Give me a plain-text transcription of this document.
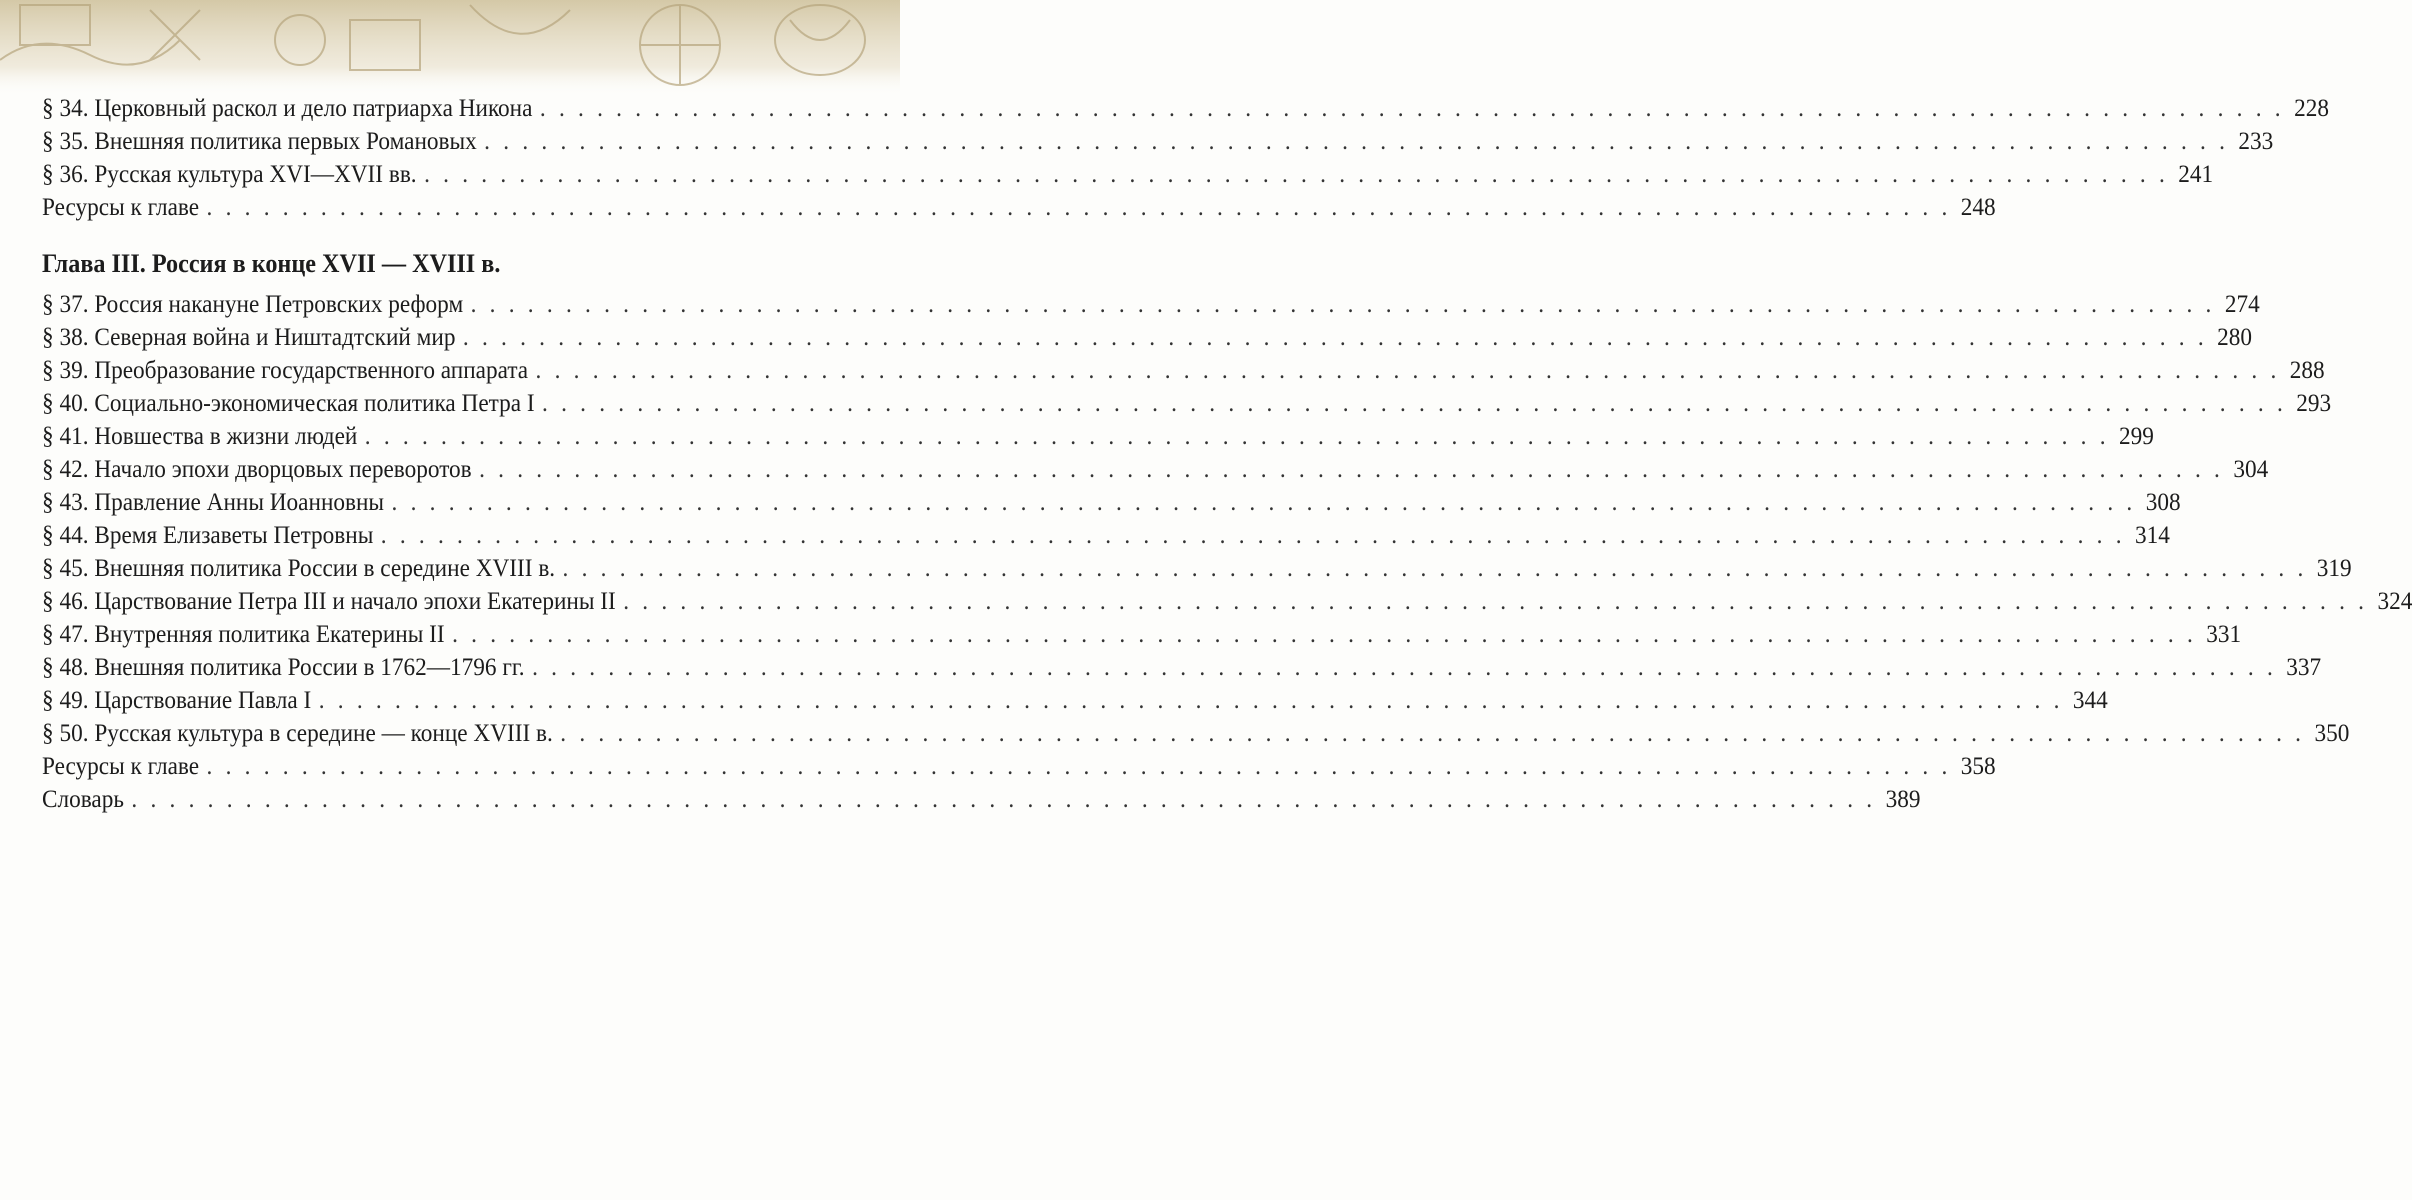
§ 34. Церковный раскол и дело патриарха Никона . . . . . . . . . . . . . . . . . . . . . . . . . . . . . . . . . . . . . . . . . . . . . . . . . . . . . . . . . . . . . . . . . . . . . . . . . . . . . . . . . . . . . . . . . . . . 228
§ 35. Внешняя политика первых Романовых . . . . . . . . . . . . . . . . . . . . . . . . . . . . . . . . . . . . . . . . . . . . . . . . . . . . . . . . . . . . . . . . . . . . . . . . . . . . . . . . . . . . . . . . . . . . 233
§ 36. Русская культура XVI—XVII вв. . . . . . . . . . . . . . . . . . . . . . . . . . . . . . . . . . . . . . . . . . . . . . . . . . . . . . . . . . . . . . . . . . . . . . . . . . . . . . . . . . . . . . . . . . . . . 241
Ресурсы к главе . . . . . . . . . . . . . . . . . . . . . . . . . . . . . . . . . . . . . . . . . . . . . . . . . . . . . . . . . . . . . . . . . . . . . . . . . . . . . . . . . . . . . . . . . . . . 248
Глава III. Россия в конце XVII — XVIII в.
§ 37. Россия накануне Петровских реформ . . . . . . . . . . . . . . . . . . . . . . . . . . . . . . . . . . . . . . . . . . . . . . . . . . . . . . . . . . . . . . . . . . . . . . . . . . . . . . . . . . . . . . . . . . . . 274
§ 38. Северная война и Ништадтский мир . . . . . . . . . . . . . . . . . . . . . . . . . . . . . . . . . . . . . . . . . . . . . . . . . . . . . . . . . . . . . . . . . . . . . . . . . . . . . . . . . . . . . . . . . . . . 280
§ 39. Преобразование государственного аппарата . . . . . . . . . . . . . . . . . . . . . . . . . . . . . . . . . . . . . . . . . . . . . . . . . . . . . . . . . . . . . . . . . . . . . . . . . . . . . . . . . . . . . . . . . . . . 288
§ 40. Социально-экономическая политика Петра I . . . . . . . . . . . . . . . . . . . . . . . . . . . . . . . . . . . . . . . . . . . . . . . . . . . . . . . . . . . . . . . . . . . . . . . . . . . . . . . . . . . . . . . . . . . . 293
§ 41. Новшества в жизни людей . . . . . . . . . . . . . . . . . . . . . . . . . . . . . . . . . . . . . . . . . . . . . . . . . . . . . . . . . . . . . . . . . . . . . . . . . . . . . . . . . . . . . . . . . . . . 299
§ 42. Начало эпохи дворцовых переворотов . . . . . . . . . . . . . . . . . . . . . . . . . . . . . . . . . . . . . . . . . . . . . . . . . . . . . . . . . . . . . . . . . . . . . . . . . . . . . . . . . . . . . . . . . . . . 304
§ 43. Правление Анны Иоанновны . . . . . . . . . . . . . . . . . . . . . . . . . . . . . . . . . . . . . . . . . . . . . . . . . . . . . . . . . . . . . . . . . . . . . . . . . . . . . . . . . . . . . . . . . . . . 308
§ 44. Время Елизаветы Петровны . . . . . . . . . . . . . . . . . . . . . . . . . . . . . . . . . . . . . . . . . . . . . . . . . . . . . . . . . . . . . . . . . . . . . . . . . . . . . . . . . . . . . . . . . . . . 314
§ 45. Внешняя политика России в середине XVIII в. . . . . . . . . . . . . . . . . . . . . . . . . . . . . . . . . . . . . . . . . . . . . . . . . . . . . . . . . . . . . . . . . . . . . . . . . . . . . . . . . . . . . . . . . . . . . 319
§ 46. Царствование Петра III и начало эпохи Екатерины II . . . . . . . . . . . . . . . . . . . . . . . . . . . . . . . . . . . . . . . . . . . . . . . . . . . . . . . . . . . . . . . . . . . . . . . . . . . . . . . . . . . . . . . . . . . . 324
§ 47. Внутренняя политика Екатерины II . . . . . . . . . . . . . . . . . . . . . . . . . . . . . . . . . . . . . . . . . . . . . . . . . . . . . . . . . . . . . . . . . . . . . . . . . . . . . . . . . . . . . . . . . . . . 331
§ 48. Внешняя политика России в 1762—1796 гг. . . . . . . . . . . . . . . . . . . . . . . . . . . . . . . . . . . . . . . . . . . . . . . . . . . . . . . . . . . . . . . . . . . . . . . . . . . . . . . . . . . . . . . . . . . . . 337
§ 49. Царствование Павла I . . . . . . . . . . . . . . . . . . . . . . . . . . . . . . . . . . . . . . . . . . . . . . . . . . . . . . . . . . . . . . . . . . . . . . . . . . . . . . . . . . . . . . . . . . . . 344
§ 50. Русская культура в середине — конце XVIII в. . . . . . . . . . . . . . . . . . . . . . . . . . . . . . . . . . . . . . . . . . . . . . . . . . . . . . . . . . . . . . . . . . . . . . . . . . . . . . . . . . . . . . . . . . . . . 350
Ресурсы к главе . . . . . . . . . . . . . . . . . . . . . . . . . . . . . . . . . . . . . . . . . . . . . . . . . . . . . . . . . . . . . . . . . . . . . . . . . . . . . . . . . . . . . . . . . . . . 358
Словарь . . . . . . . . . . . . . . . . . . . . . . . . . . . . . . . . . . . . . . . . . . . . . . . . . . . . . . . . . . . . . . . . . . . . . . . . . . . . . . . . . . . . . . . . . . . . 389
